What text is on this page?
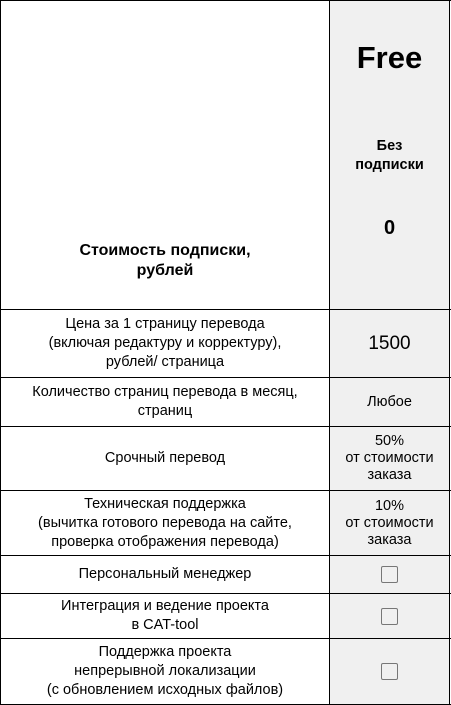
Стоимость подписки,
рублей
Free
Без
подписки
0
Цена за 1 страницу перевода
(включая редактуру и корректуру),
рублей/ страница
1500
Количество страниц перевода в месяц,
страниц
Любое
Срочный перевод
50%
от стоимости
заказа
Техническая поддержка
(вычитка готового перевода на сайте,
проверка отображения перевода)
10%
от стоимости
заказа
Персональный менеджер
Интеграция и ведение проекта
в CAT-tool
Поддержка проекта
непрерывной локализации
(с обновлением исходных файлов)
